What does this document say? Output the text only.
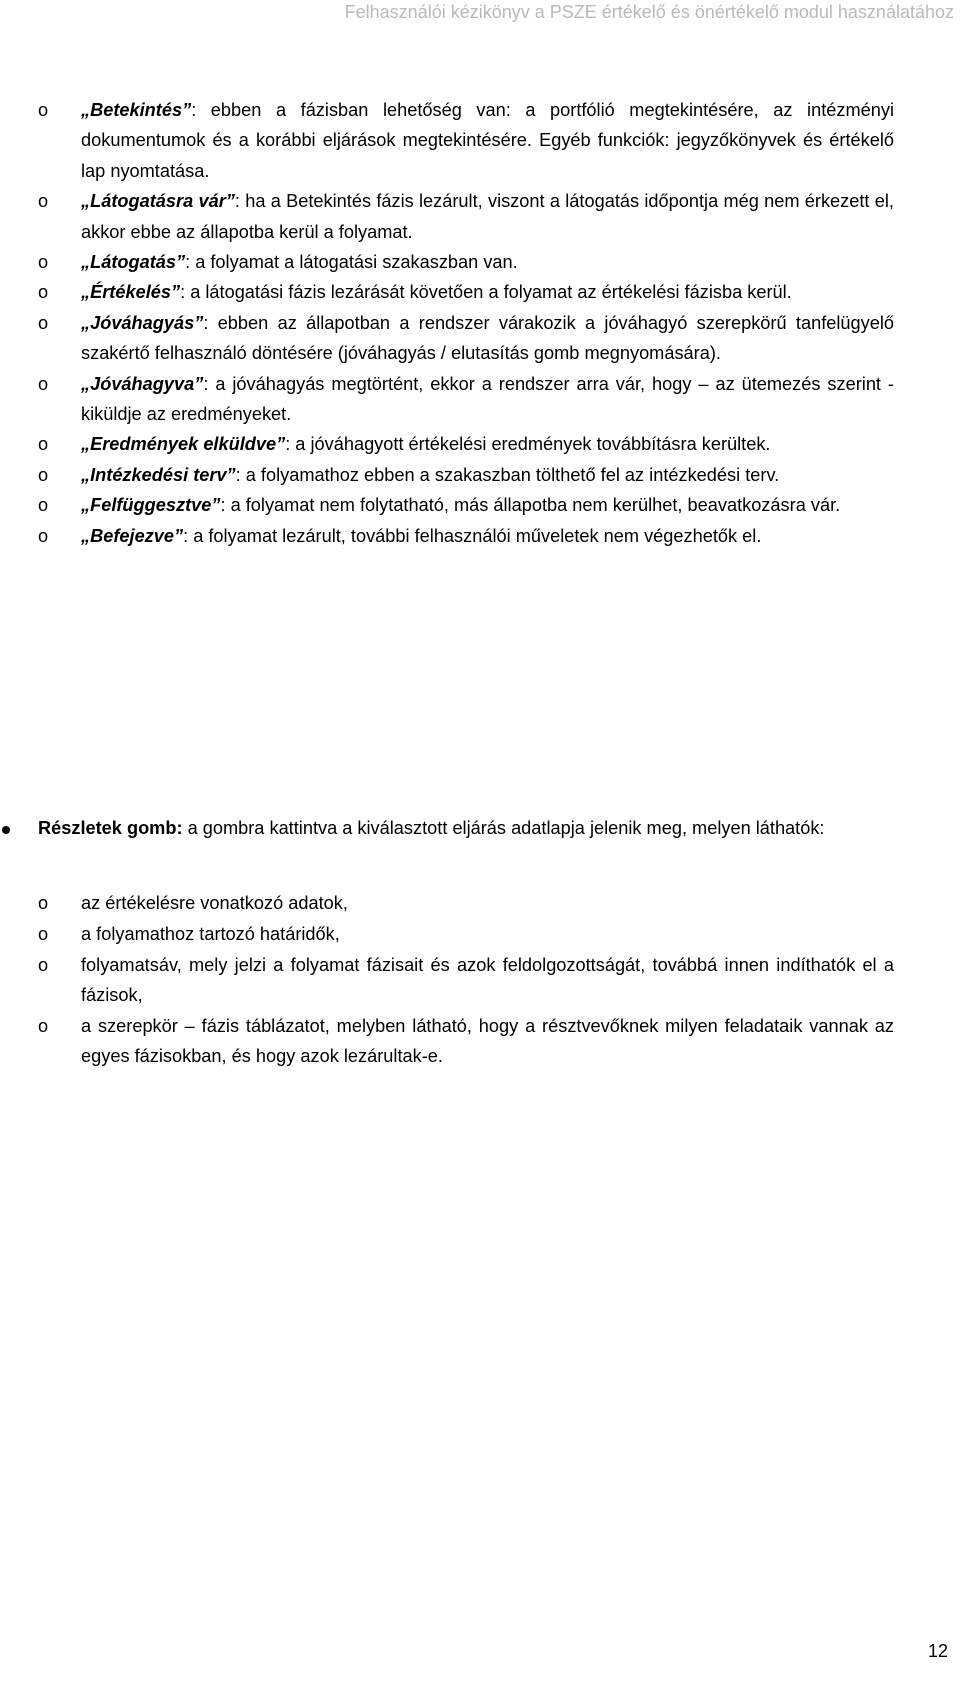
Felhasználói kézikönyv a PSZE értékelő és önértékelő modul használatához
o „Betekintés”: ebben a fázisban lehetőség van: a portfólió megtekintésére, az intézményi dokumentumok és a korábbi eljárások megtekintésére. Egyéb funkciók: jegyzőkönyvek és értékelő lap nyomtatása.
o „Látogatásra vár”: ha a Betekintés fázis lezárult, viszont a látogatás időpontja még nem érkezett el, akkor ebbe az állapotba kerül a folyamat.
o „Látogatás”: a folyamat a látogatási szakaszban van.
o „Értékelés”: a látogatási fázis lezárását követően a folyamat az értékelési fázisba kerül.
o „Jóváhagyás”: ebben az állapotban a rendszer várakozik a jóváhagyó szerepkörű tanfelügyelő szakértő felhasználó döntésére (jóváhagyás / elutasítás gomb megnyomására).
o „Jóváhagyva”: a jóváhagyás megtörtént, ekkor a rendszer arra vár, hogy – az ütemezés szerint - kiküldje az eredményeket.
o „Eredmények elküldve”: a jóváhagyott értékelési eredmények továbbításra kerültek.
o „Intézkedési terv”: a folyamathoz ebben a szakaszban tölthető fel az intézkedési terv.
o „Felfüggesztve”: a folyamat nem folytatható, más állapotba nem kerülhet, beavatkozásra vár.
o „Befejezve”: a folyamat lezárult, további felhasználói műveletek nem végezhetők el.
Részletek gomb: a gombra kattintva a kiválasztott eljárás adatlapja jelenik meg, melyen láthatók:
o az értékelésre vonatkozó adatok,
o a folyamathoz tartozó határidők,
o folyamatsáv, mely jelzi a folyamat fázisait és azok feldolgozottságát, továbbá innen indíthatók el a fázisok,
o a szerepkör – fázis táblázatot, melyben látható, hogy a résztvevőknek milyen feladataik vannak az egyes fázisokban, és hogy azok lezárultak-e.
12
